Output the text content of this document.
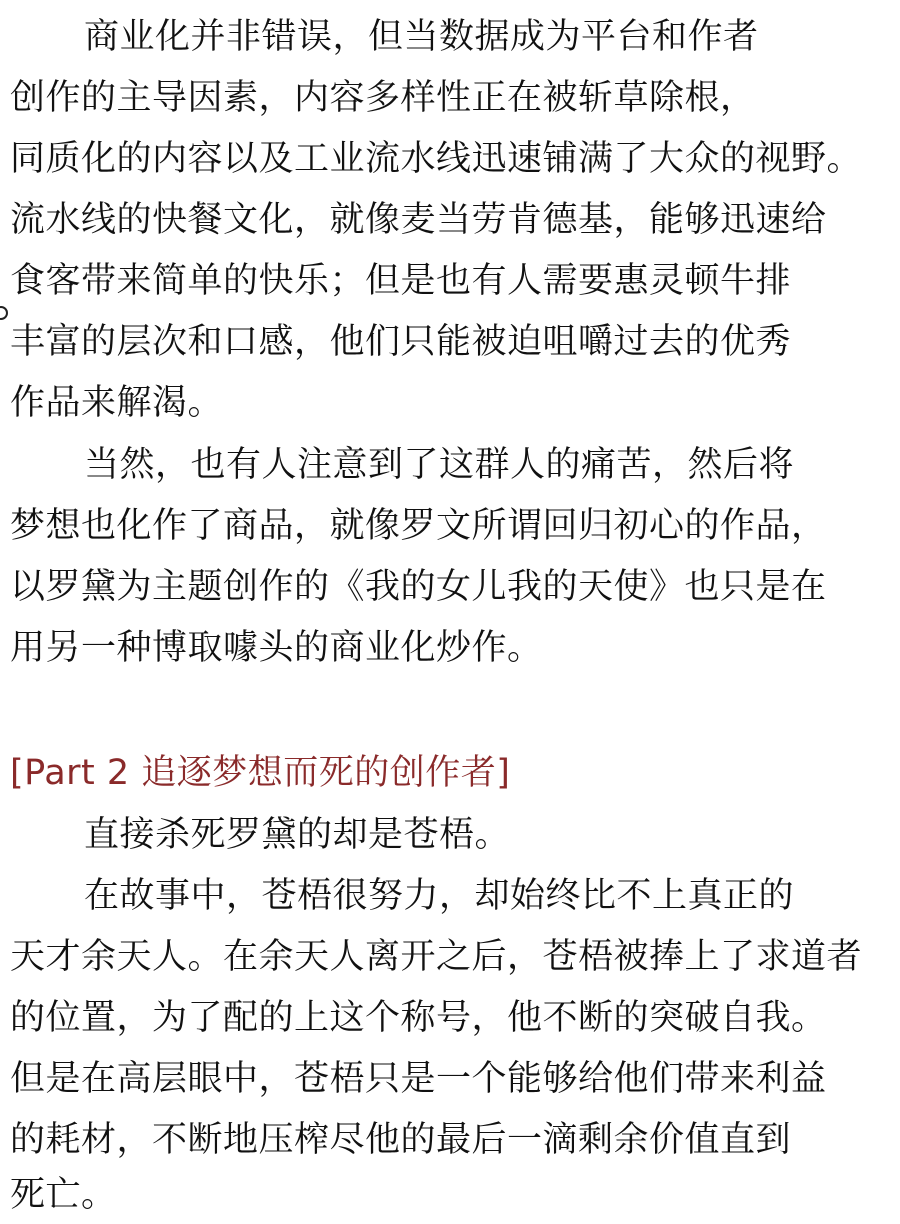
商业化并非错误，但当数据成为平台和作者
创作的主导因素，内容多样性正在被斩草除根，
同质化的内容以及工业流水线迅速铺满了大众的视野。
流水线的快餐文化，就像麦当劳肯德基，能够迅速给
食客带来简单的快乐；但是也有人需要惠灵顿牛排
丰富的层次和口感，他们只能被迫咀嚼过去的优秀
作品来解渴。
当然，也有人注意到了这群人的痛苦，然后将
梦想也化作了商品，就像罗文所谓回归初心的作品，
以罗黛为主题创作的《我的女儿我的天使》也只是在
用另一种博取噱头的商业化炒作。
[Part 2 追逐梦想而死的创作者]
直接杀死罗黛的却是苍梧。
在故事中，苍梧很努力，却始终比不上真正的
天才余天人。在余天人离开之后，苍梧被捧上了求道者
的位置，为了配的上这个称号，他不断的突破自我。
但是在高层眼中，苍梧只是一个能够给他们带来利益
的耗材，不断地压榨尽他的最后一滴剩余价值直到
死亡。
